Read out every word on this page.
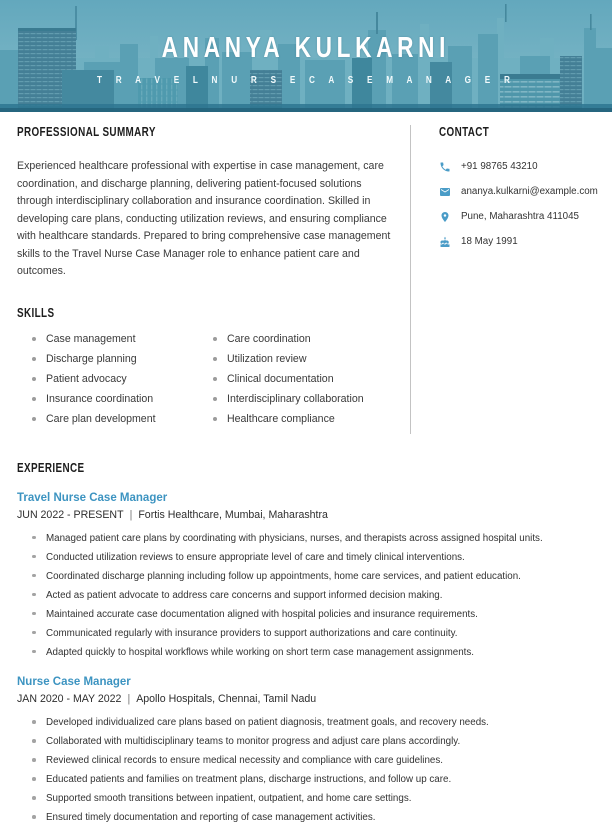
ANANYA KULKARNI
T R A V E L N U R S E C A S E M A N A G E R
PROFESSIONAL SUMMARY

Experienced healthcare professional with expertise in case management, care coordination, and discharge planning, delivering patient-focused solutions through interdisciplinary collaboration and insurance coordination. Skilled in developing care plans, conducting utilization reviews, and ensuring compliance with healthcare standards. Prepared to bring comprehensive case management skills to the Travel Nurse Case Manager role to enhance patient care and outcomes.

SKILLS
Case management
Discharge planning
Patient advocacy
Insurance coordination
Care plan development
Care coordination
Utilization review
Clinical documentation
Interdisciplinary collaboration
Healthcare compliance
CONTACT
+91 98765 43210
ananya.kulkarni@example.com
Pune, Maharashtra 411045
18 May 1991
EXPERIENCE
Travel Nurse Case Manager

JUN 2022 - PRESENT | Fortis Healthcare, Mumbai, Maharashtra

Managed patient care plans by coordinating with physicians, nurses, and therapists across assigned hospital units.
Conducted utilization reviews to ensure appropriate level of care and timely clinical interventions.
Coordinated discharge planning including follow up appointments, home care services, and patient education.
Acted as patient advocate to address care concerns and support informed decision making.
Maintained accurate case documentation aligned with hospital policies and insurance requirements.
Communicated regularly with insurance providers to support authorizations and care continuity.
Adapted quickly to hospital workflows while working on short term case management assignments.
Nurse Case Manager

JAN 2020 - MAY 2022 | Apollo Hospitals, Chennai, Tamil Nadu

Developed individualized care plans based on patient diagnosis, treatment goals, and recovery needs.
Collaborated with multidisciplinary teams to monitor progress and adjust care plans accordingly.
Reviewed clinical records to ensure medical necessity and compliance with care guidelines.
Educated patients and families on treatment plans, discharge instructions, and follow up care.
Supported smooth transitions between inpatient, outpatient, and home care settings.
Ensured timely documentation and reporting of case management activities.
